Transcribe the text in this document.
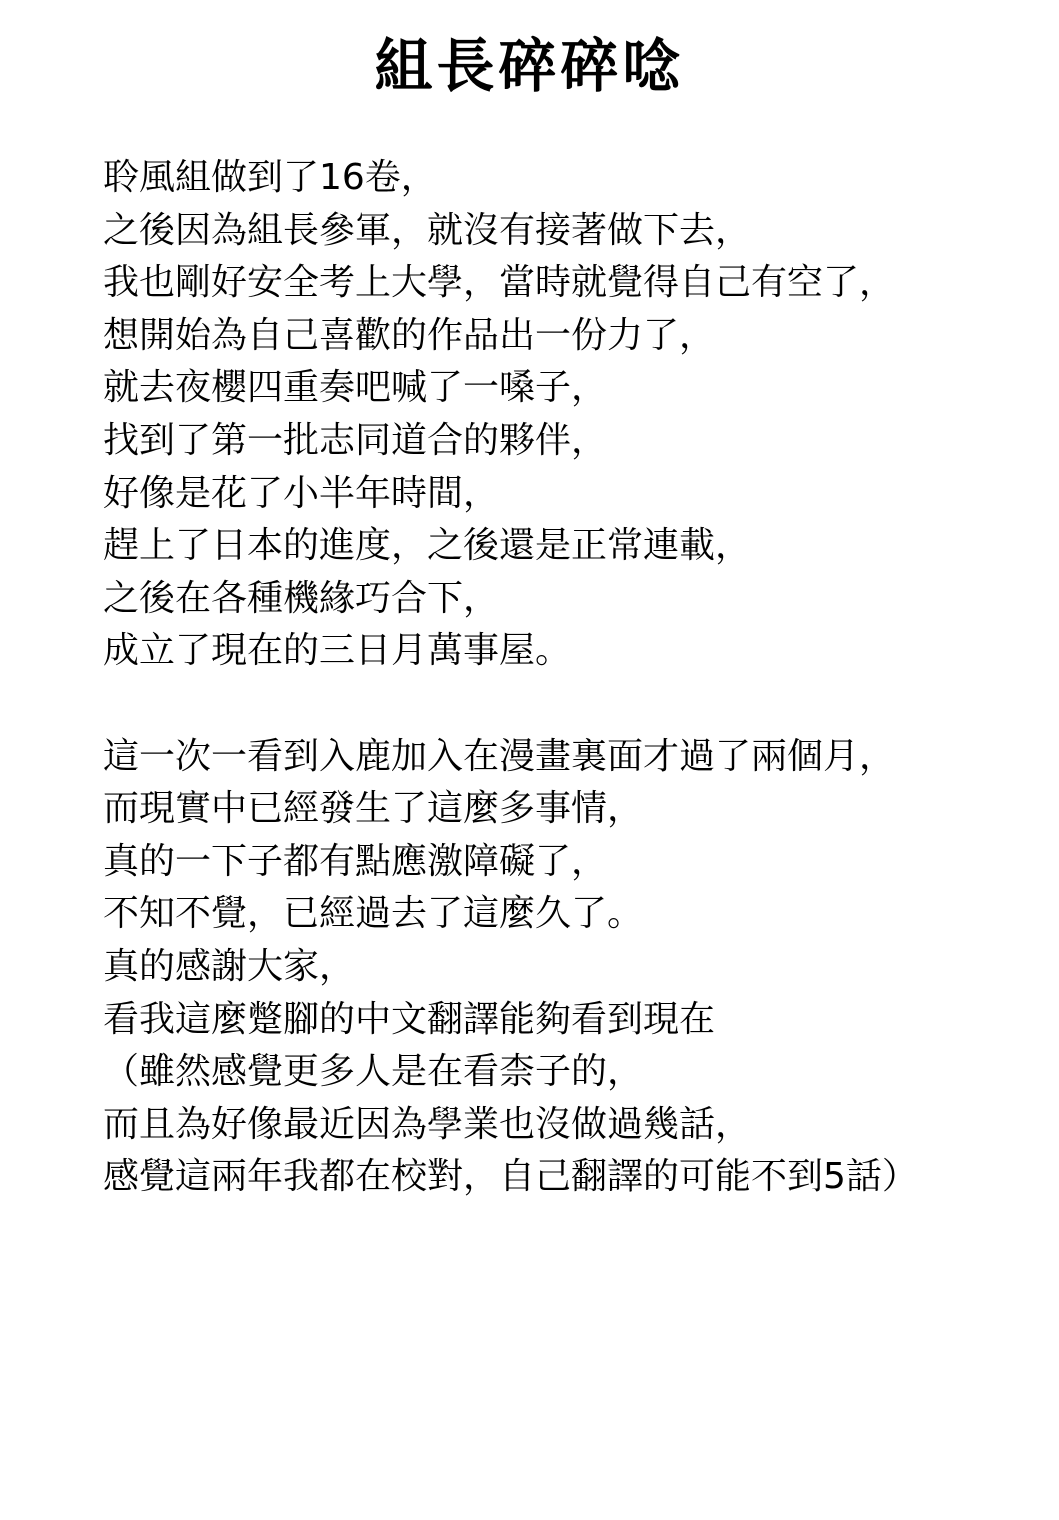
組長碎碎唸
聆風組做到了16卷，
之後因為組長參軍，就沒有接著做下去，
我也剛好安全考上大學，當時就覺得自己有空了，
想開始為自己喜歡的作品出一份力了，
就去夜櫻四重奏吧喊了一嗓子，
找到了第一批志同道合的夥伴，
好像是花了小半年時間，
趕上了日本的進度，之後還是正常連載，
之後在各種機緣巧合下，
成立了現在的三日月萬事屋。
這一次一看到入鹿加入在漫畫裏面才過了兩個月，
而現實中已經發生了這麼多事情，
真的一下子都有點應激障礙了，
不知不覺，已經過去了這麼久了。
真的感謝大家，
看我這麼蹩腳的中文翻譯能夠看到現在
（雖然感覺更多人是在看柰子的，
而且為好像最近因為學業也沒做過幾話，
感覺這兩年我都在校對，自己翻譯的可能不到5話）
